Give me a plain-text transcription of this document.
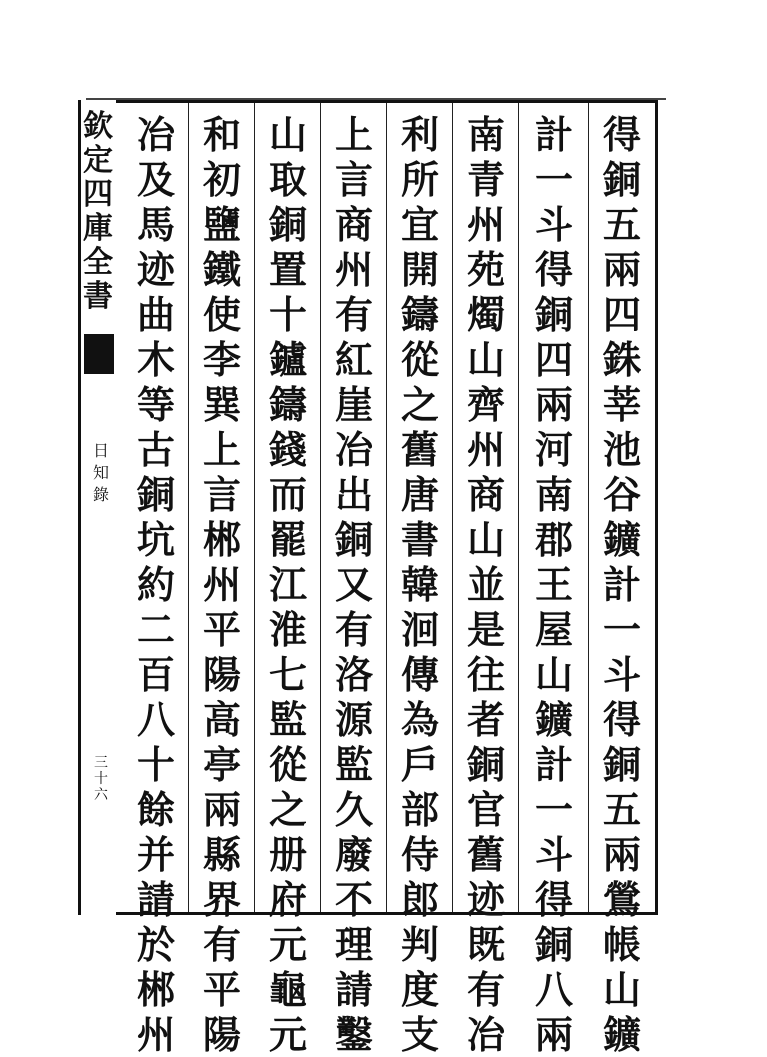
欽
定
四
庫
全
書
日
知
錄
三
十
六
得
銅
五
兩
四
銖
莘
池
谷
鑛
計
一
斗
得
銅
五
兩
鶯
帳
山
鑛
計
一
斗
得
銅
四
兩
河
南
郡
王
屋
山
鑛
計
一
斗
得
銅
八
兩
南
青
州
苑
燭
山
齊
州
商
山
並
是
往
者
銅
官
舊
迹
既
有
冶
利
所
宜
開
鑄
從
之
舊
唐
書
韓
洄
傳
為
戶
部
侍
郎
判
度
支
上
言
商
州
有
紅
崖
冶
出
銅
又
有
洛
源
監
久
廢
不
理
請
鑿
山
取
銅
置
十
鑪
鑄
錢
而
罷
江
淮
七
監
從
之
册
府
元
龜
元
和
初
鹽
鐵
使
李
巽
上
言
郴
州
平
陽
高
亭
兩
縣
界
有
平
陽
冶
及
馬
迹
曲
木
等
古
銅
坑
約
二
百
八
十
餘
并
請
於
郴
州
